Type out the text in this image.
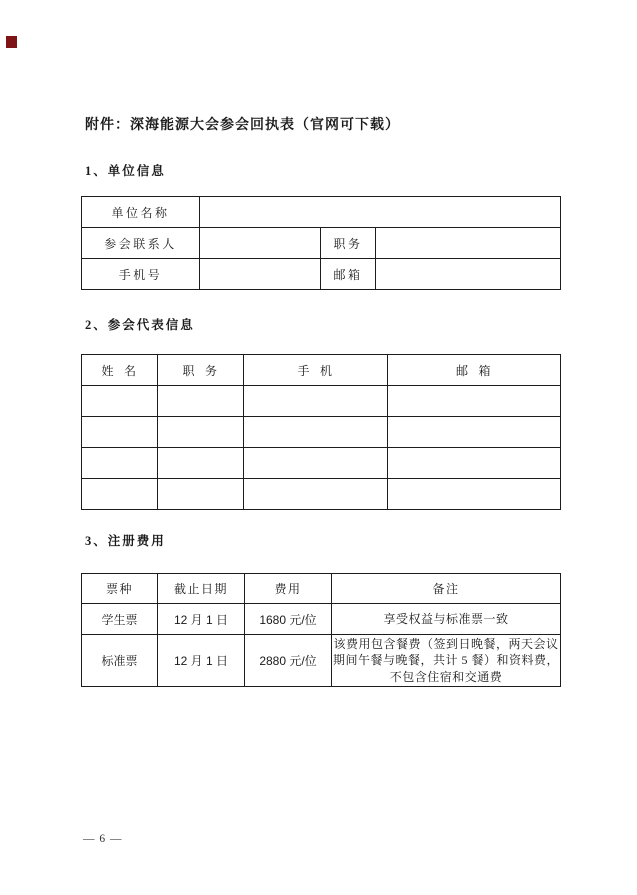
附件：深海能源大会参会回执表（官网可下载）
1、单位信息
单位名称			
参会联系人		职务	
手机号		邮箱	
2、参会代表信息
姓  名	职  务	手  机	邮  箱

3、注册费用
票种	截止日期	费用	备注
学生票	12 月 1 日	1680 元/位	享受权益与标准票一致
标准票	12 月 1 日	2880 元/位	该费用包含餐费（签到日晚餐，两天会议期间午餐与晚餐，共计 5 餐）和资料费，不包含住宿和交通费
— 6 —
